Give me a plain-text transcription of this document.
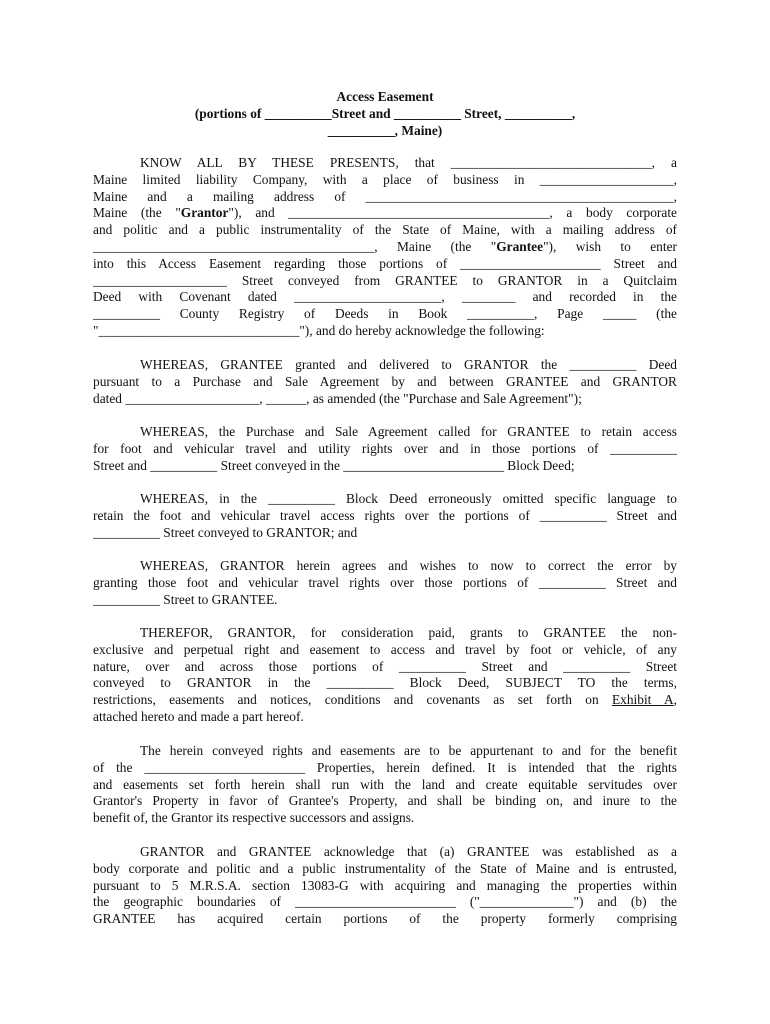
Access Easement
(portions of __________Street and __________ Street, __________,
__________, Maine)
KNOW ALL BY THESE PRESENTS, that ______________________________, a
Maine limited liability Company, with a place of business in ____________________,
Maine and a mailing address of ______________________________________________,
Maine (the "Grantor"), and _______________________________________, a body corporate
and politic and a public instrumentality of the State of Maine, with a mailing address of
__________________________________________, Maine (the "Grantee"), wish to enter
into this Access Easement regarding those portions of _____________________ Street and
____________________ Street conveyed from GRANTEE to GRANTOR in a Quitclaim
Deed with Covenant dated ______________________, ________ and recorded in the
__________ County Registry of Deeds in Book __________, Page _____ (the
"______________________________"), and do hereby acknowledge the following:
WHEREAS, GRANTEE granted and delivered to GRANTOR the __________ Deed
pursuant to a Purchase and Sale Agreement by and between GRANTEE and GRANTOR
dated ____________________, ______, as amended (the "Purchase and Sale Agreement");
WHEREAS, the Purchase and Sale Agreement called for GRANTEE to retain access
for foot and vehicular travel and utility rights over and in those portions of __________
Street and __________ Street conveyed in the ________________________ Block Deed;
WHEREAS, in the __________ Block Deed erroneously omitted specific language to
retain the foot and vehicular travel access rights over the portions of __________ Street and
__________ Street conveyed to GRANTOR; and
WHEREAS, GRANTOR herein agrees and wishes to now to correct the error by
granting those foot and vehicular travel rights over those portions of __________ Street and
__________ Street to GRANTEE.
THEREFOR, GRANTOR, for consideration paid, grants to GRANTEE the non-
exclusive and perpetual right and easement to access and travel by foot or vehicle, of any
nature, over and across those portions of __________ Street and __________ Street
conveyed to GRANTOR in the __________ Block Deed, SUBJECT TO the terms,
restrictions, easements and notices, conditions and covenants as set forth on Exhibit A,
attached hereto and made a part hereof.
The herein conveyed rights and easements are to be appurtenant to and for the benefit
of the ________________________ Properties, herein defined. It is intended that the rights
and easements set forth herein shall run with the land and create equitable servitudes over
Grantor's Property in favor of Grantee's Property, and shall be binding on, and inure to the
benefit of, the Grantor its respective successors and assigns.
GRANTOR and GRANTEE acknowledge that (a) GRANTEE was established as a
body corporate and politic and a public instrumentality of the State of Maine and is entrusted,
pursuant to 5 M.R.S.A. section 13083-G with acquiring and managing the properties within
the geographic boundaries of ________________________ ("______________") and (b) the
GRANTEE has acquired certain portions of the property formerly comprising
